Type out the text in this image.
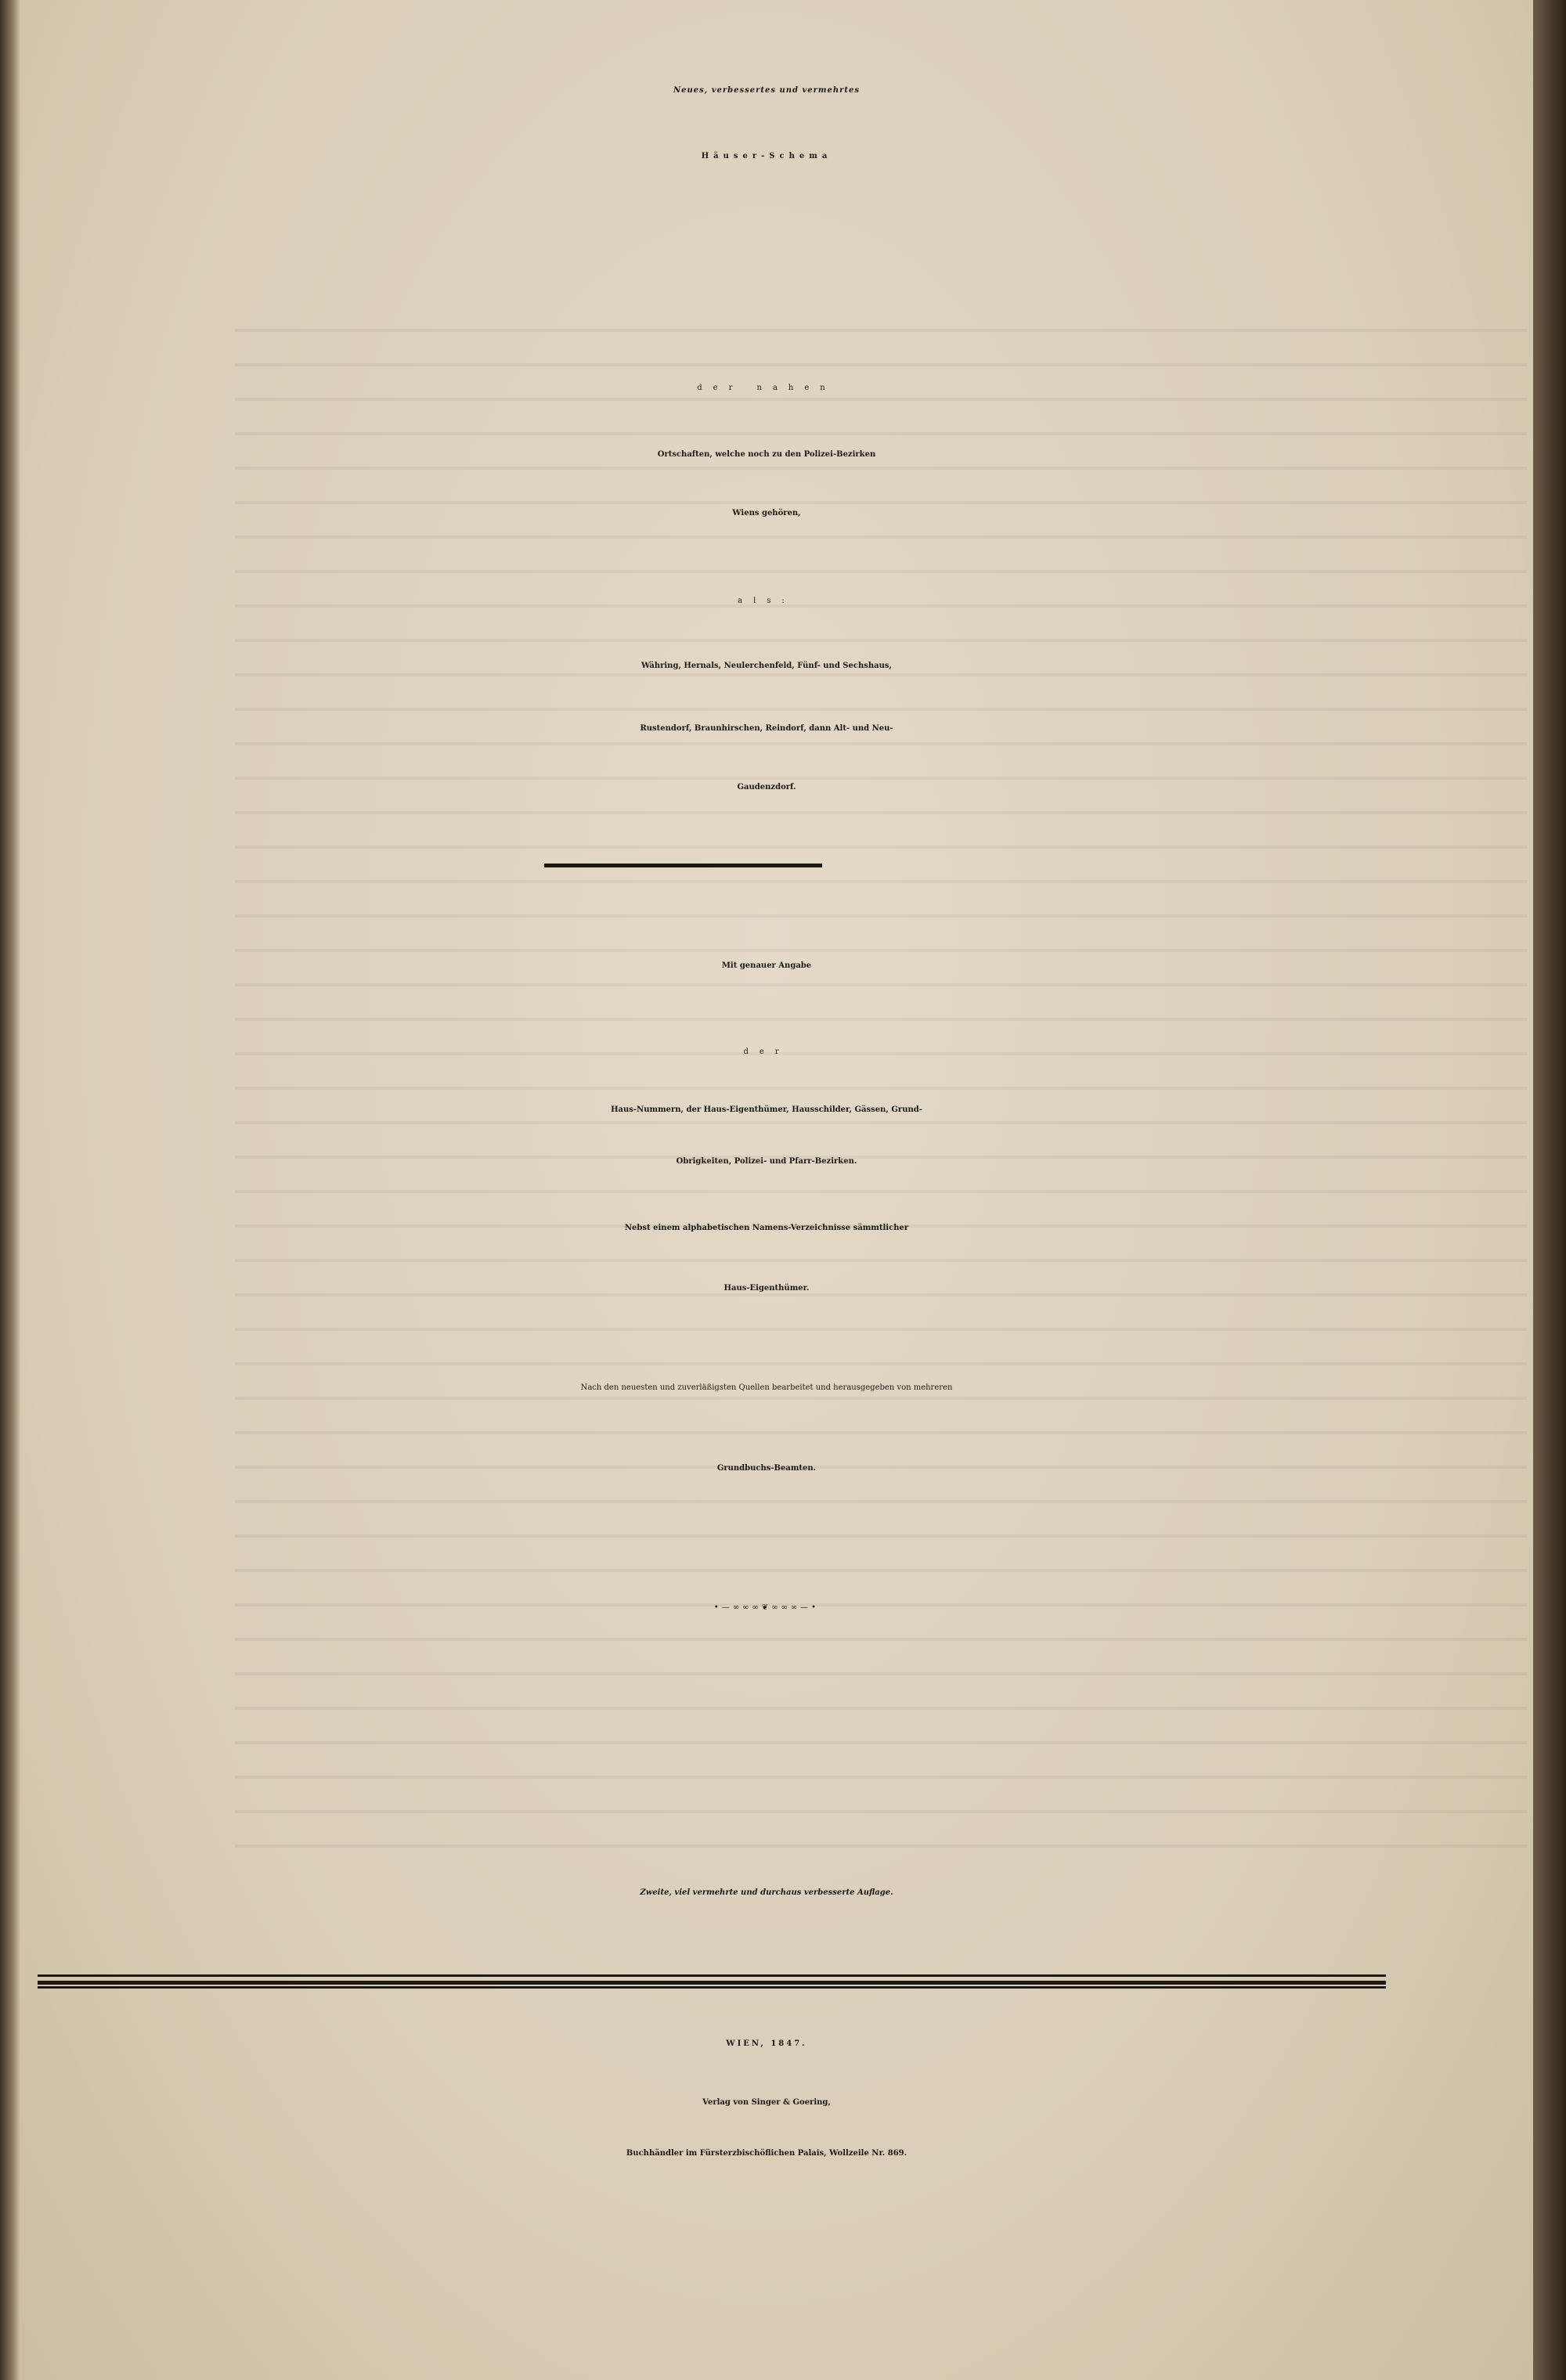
Neues, verbessertes und vermehrtes
Häuser-Schema
der nahen
Ortschaften, welche noch zu den Polizei-Bezirken
Wiens gehören,
als:
Währing, Hernals, Neulerchenfeld, Fünf- und Sechshaus,
Rustendorf, Braunhirschen, Reindorf, dann Alt- und Neu-
Gaudenzdorf.
Mit genauer Angabe
der
Haus-Nummern, der Haus-Eigenthümer, Hausschilder, Gässen, Grund-
Obrigkeiten, Polizei- und Pfarr-Bezirken.
Nebst einem alphabetischen Namens-Verzeichnisse sämmtlicher
Haus-Eigenthümer.
Nach den neuesten und zuverläßigsten Quellen bearbeitet und herausgegeben von mehreren
Grundbuchs-Beamten.
•—∞∞∞❦∞∞∞—•
Zweite, viel vermehrte und durchaus verbesserte Auflage.
WIEN, 1847.
Verlag von Singer & Goering,
Buchhändler im Fürsterzbischöflichen Palais, Wollzeile Nr. 869.
